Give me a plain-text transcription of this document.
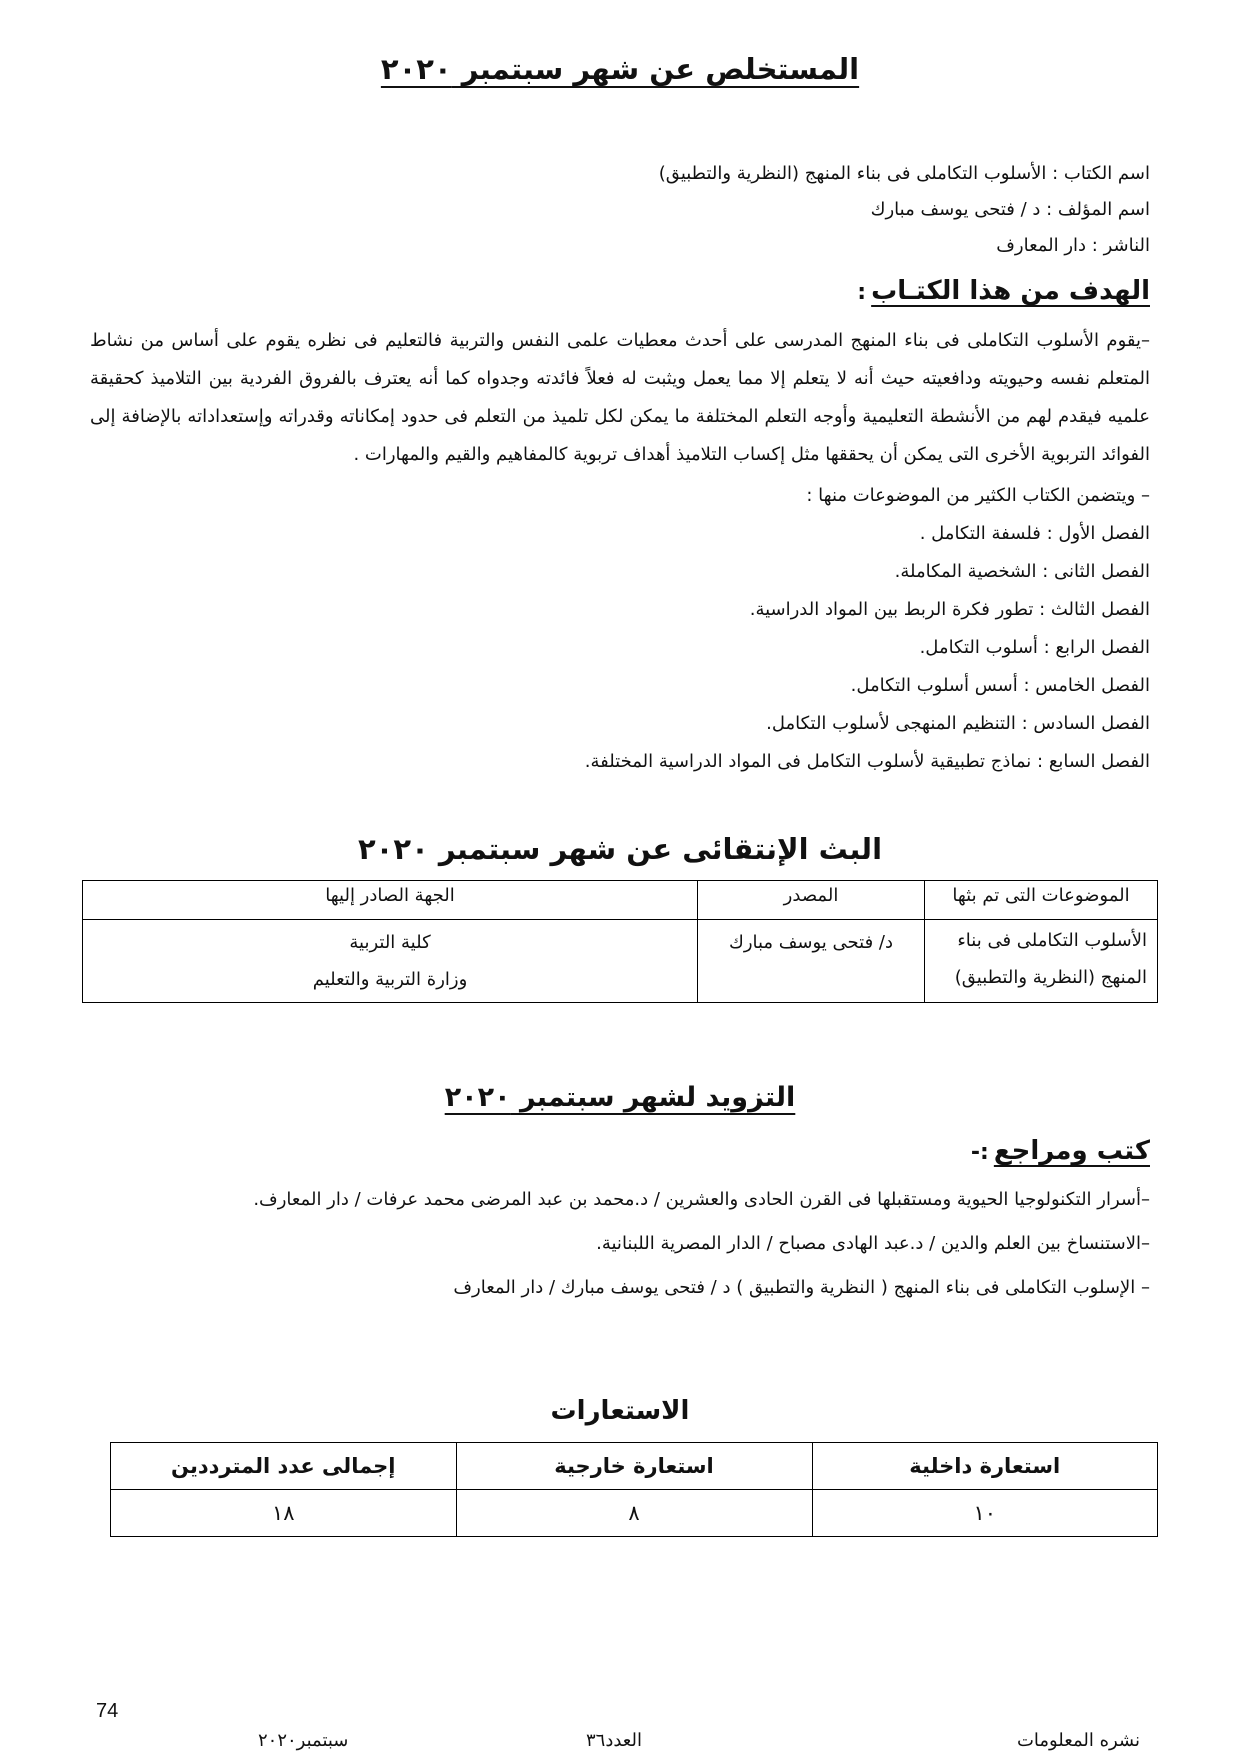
المستخلص عن شهر سبتمبر ٢٠٢٠
اسم الكتاب : الأسلوب التكاملى فى بناء المنهج (النظرية والتطبيق)
اسم المؤلف : د / فتحى يوسف مبارك
الناشر : دار المعارف
الهدف من هذا الكتـاب :
–يقوم الأسلوب التكاملى فى بناء المنهج المدرسى على أحدث معطيات علمى النفس والتربية فالتعليم فى نظره يقوم على أساس من نشاط المتعلم نفسه وحيويته ودافعيته حيث أنه لا يتعلم إلا مما يعمل ويثبت له فعلاً فائدته وجدواه كما أنه يعترف بالفروق الفردية بين التلاميذ كحقيقة علميه فيقدم لهم من الأنشطة التعليمية وأوجه التعلم المختلفة ما يمكن لكل تلميذ من التعلم فى حدود إمكاناته وقدراته وإستعداداته بالإضافة إلى الفوائد التربوية الأخرى التى يمكن أن يحققها مثل إكساب التلاميذ أهداف تربوية كالمفاهيم والقيم والمهارات .
– ويتضمن الكتاب الكثير من الموضوعات منها :
الفصل الأول : فلسفة التكامل .
الفصل الثانى : الشخصية المكاملة.
الفصل الثالث : تطور فكرة الربط بين المواد الدراسية.
الفصل الرابع : أسلوب التكامل.
الفصل الخامس : أسس أسلوب التكامل.
الفصل السادس : التنظيم المنهجى لأسلوب التكامل.
الفصل السابع : نماذج تطبيقية لأسلوب التكامل فى المواد الدراسية المختلفة.
البث الإنتقائى عن شهر سبتمبر ٢٠٢٠
الموضوعات التى تم بثها	المصدر	الجهة الصادر إليها
الأسلوب التكاملى فى بناء المنهج (النظرية والتطبيق)	د/ فتحى يوسف مبارك	كلية التربية
وزارة التربية والتعليم
التزويد لشهر سبتمبر ٢٠٢٠
كتب ومراجع :-
–أسرار التكنولوجيا الحيوية ومستقبلها فى القرن الحادى والعشرين / د.محمد بن عبد المرضى محمد عرفات / دار المعارف.
–الاستنساخ بين العلم والدين / د.عبد الهادى مصباح / الدار المصرية اللبنانية.
– الإسلوب التكاملى فى بناء المنهج ( النظرية والتطبيق ) د / فتحى يوسف مبارك / دار المعارف
الاستعارات
استعارة داخلية	استعارة خارجية	إجمالى عدد المترددين
١٠	٨	١٨
74
نشره المعلومات
العدد٣٦
سبتمبر٢٠٢٠
